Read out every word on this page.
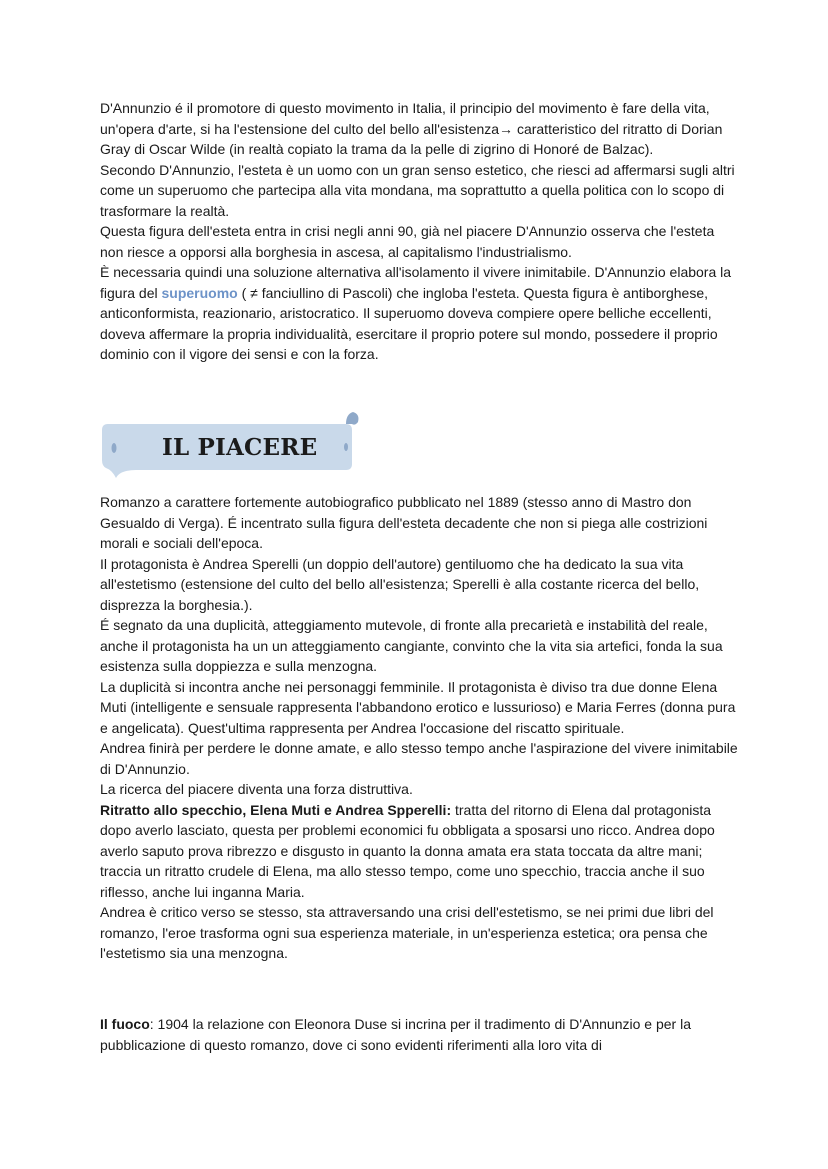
D'Annunzio é il promotore di questo movimento in Italia, il principio del movimento è fare della vita, un'opera d'arte, si ha l'estensione del culto del bello all'esistenza→ caratteristico del ritratto di Dorian Gray di Oscar Wilde (in realtà copiato la trama da la pelle di zigrino di Honoré de Balzac).

Secondo D'Annunzio, l'esteta è un uomo con un gran senso estetico, che riesci ad affermarsi sugli altri come un superuomo che partecipa alla vita mondana, ma soprattutto a quella politica con lo scopo di trasformare la realtà.

Questa figura dell'esteta entra in crisi negli anni 90, già nel piacere D'Annunzio osserva che l'esteta non riesce a opporsi alla borghesia in ascesa, al capitalismo l'industrialismo.

È necessaria quindi una soluzione alternativa all'isolamento il vivere inimitabile. D'Annunzio elabora la figura del superuomo ( ≠ fanciullino di Pascoli) che ingloba l'esteta. Questa figura è antiborghese, anticonformista, reazionario, aristocratico. Il superuomo doveva compiere opere belliche eccellenti, doveva affermare la propria individualità, esercitare il proprio potere sul mondo, possedere il proprio dominio con il vigore dei sensi e con la forza.

IL PIACERE

Romanzo a carattere fortemente autobiografico pubblicato nel 1889 (stesso anno di Mastro don Gesualdo di Verga). É incentrato sulla figura dell'esteta decadente che non si piega alle costrizioni morali e sociali dell'epoca.

Il protagonista è Andrea Sperelli (un doppio dell'autore) gentiluomo che ha dedicato la sua vita all'estetismo (estensione del culto del bello all'esistenza; Sperelli è alla costante ricerca del bello, disprezza la borghesia.).

É segnato da una duplicità, atteggiamento mutevole, di fronte alla precarietà e instabilità del reale, anche il protagonista ha un un atteggiamento cangiante, convinto che la vita sia artefici, fonda la sua esistenza sulla doppiezza e sulla menzogna.

La duplicità si incontra anche nei personaggi femminile. Il protagonista è diviso tra due donne Elena Muti (intelligente e sensuale rappresenta l'abbandono erotico e lussurioso) e Maria Ferres (donna pura e angelicata). Quest'ultima rappresenta per Andrea l'occasione del riscatto spirituale.

Andrea finirà per perdere le donne amate, e allo stesso tempo anche l'aspirazione del vivere inimitabile di D'Annunzio.

La ricerca del piacere diventa una forza distruttiva.

Ritratto allo specchio, Elena Muti e Andrea Spperelli: tratta del ritorno di Elena dal protagonista dopo averlo lasciato, questa per problemi economici fu obbligata a sposarsi uno ricco. Andrea dopo averlo saputo prova ribrezzo e disgusto in quanto la donna amata era stata toccata da altre mani; traccia un ritratto crudele di Elena, ma allo stesso tempo, come uno specchio, traccia anche il suo riflesso, anche lui inganna Maria.

Andrea è critico verso se stesso, sta attraversando una crisi dell'estetismo, se nei primi due libri del romanzo, l'eroe trasforma ogni sua esperienza materiale, in un'esperienza estetica; ora pensa che l'estetismo sia una menzogna.

Il fuoco: 1904 la relazione con Eleonora Duse si incrina per il tradimento di D'Annunzio e per la pubblicazione di questo romanzo, dove ci sono evidenti riferimenti alla loro vita di
